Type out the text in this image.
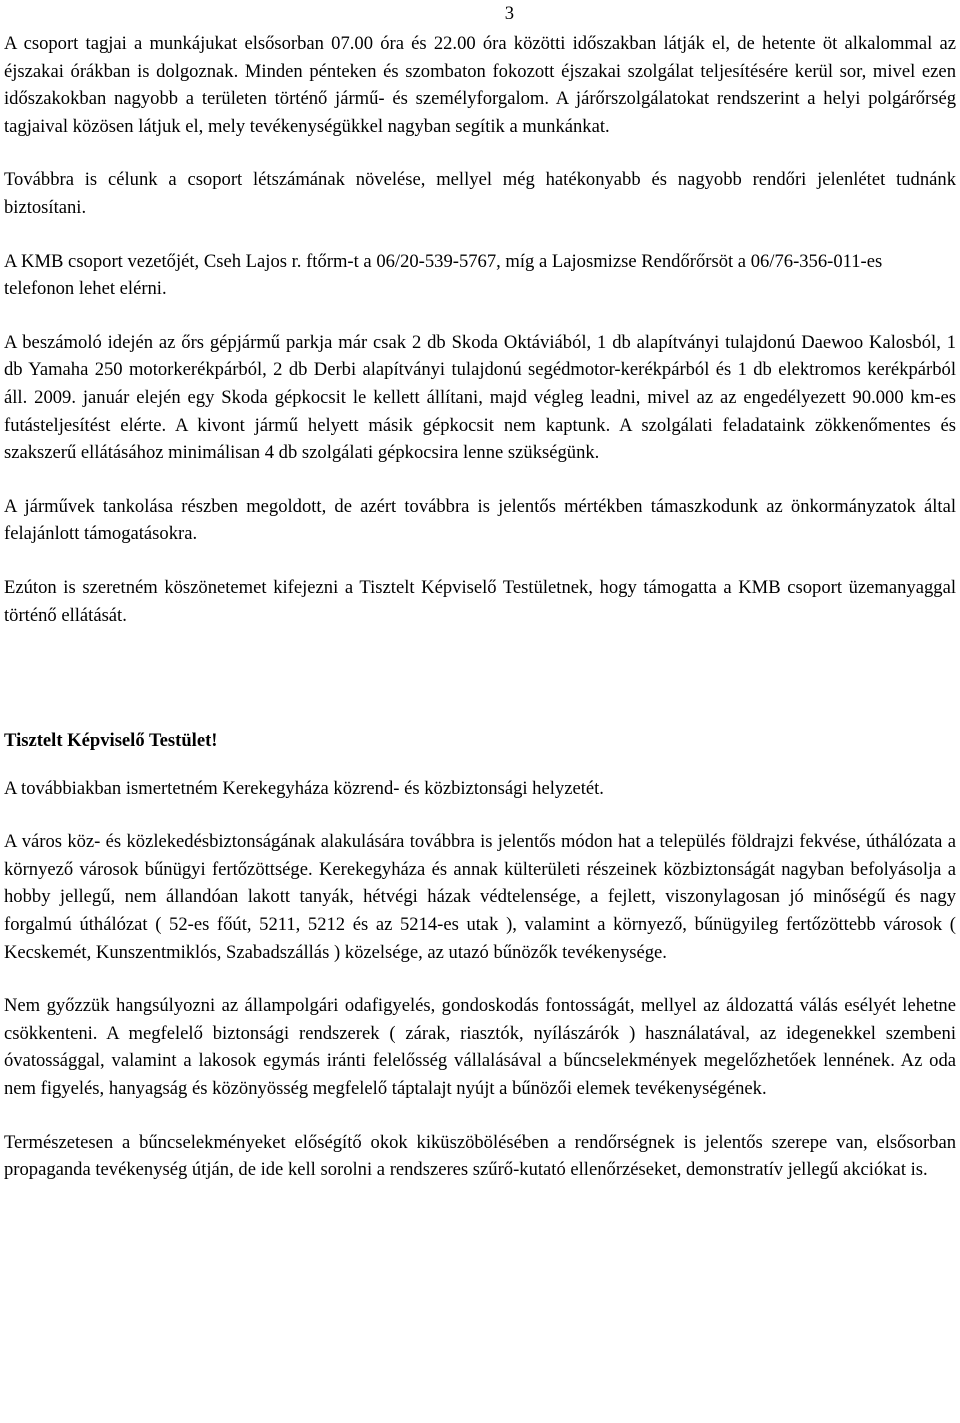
3

A csoport tagjai a munkájukat elsősorban 07.00 óra és 22.00 óra közötti időszakban látják el, de hetente öt alkalommal az éjszakai órákban is dolgoznak. Minden pénteken és szombaton fokozott éjszakai szolgálat teljesítésére kerül sor, mivel ezen időszakokban nagyobb a területen történő jármű- és személyforgalom. A járőrszolgálatokat rendszerint a helyi polgárőrség tagjaival közösen látjuk el, mely tevékenységükkel nagyban segítik a munkánkat.

Továbbra is célunk a csoport létszámának növelése, mellyel még hatékonyabb és nagyobb rendőri jelenlétet tudnánk biztosítani.

A KMB csoport vezetőjét, Cseh Lajos r. ftőrm-t a 06/20-539-5767, míg a Lajosmizse Rendőrőrsöt a 06/76-356-011-es telefonon lehet elérni.

A beszámoló idején az őrs gépjármű parkja már csak 2 db Skoda Oktáviából, 1 db alapítványi tulajdonú Daewoo Kalosból, 1 db Yamaha 250 motorkerékpárból, 2 db Derbi alapítványi tulajdonú segédmotor-kerékpárból és 1 db elektromos kerékpárból áll. 2009. január elején egy Skoda gépkocsit le kellett állítani, majd végleg leadni, mivel az az engedélyezett 90.000 km-es futásteljesítést elérte. A kivont jármű helyett másik gépkocsit nem kaptunk. A szolgálati feladataink zökkenőmentes és szakszerű ellátásához minimálisan 4 db szolgálati gépkocsira lenne szükségünk.

A járművek tankolása részben megoldott, de azért továbbra is jelentős mértékben támaszkodunk az önkormányzatok által felajánlott támogatásokra.

Ezúton is szeretném köszönetemet kifejezni a Tisztelt Képviselő Testületnek, hogy támogatta a KMB csoport üzemanyaggal történő ellátását.

Tisztelt Képviselő Testület!

A továbbiakban ismertetném Kerekegyháza közrend- és közbiztonsági helyzetét.

A város köz- és közlekedésbiztonságának alakulására továbbra is jelentős módon hat a település földrajzi fekvése, úthálózata a környező városok bűnügyi fertőzöttsége. Kerekegyháza és annak külterületi részeinek közbiztonságát nagyban befolyásolja a hobby jellegű, nem állandóan lakott tanyák, hétvégi házak védtelensége, a fejlett, viszonylagosan jó minőségű és nagy forgalmú úthálózat ( 52-es főút, 5211, 5212 és az 5214-es utak ), valamint a környező, bűnügyileg fertőzöttebb városok ( Kecskemét, Kunszentmiklós, Szabadszállás ) közelsége, az utazó bűnözők tevékenysége.

Nem győzzük hangsúlyozni az állampolgári odafigyelés, gondoskodás fontosságát, mellyel az áldozattá válás esélyét lehetne csökkenteni. A megfelelő biztonsági rendszerek ( zárak, riasztók, nyílászárók ) használatával, az idegenekkel szembeni óvatossággal, valamint a lakosok egymás iránti felelősség vállalásával a bűncselekmények megelőzhetőek lennének. Az oda nem figyelés, hanyagság és közönyösség megfelelő táptalajt nyújt a bűnözői elemek tevékenységének.

Természetesen a bűncselekményeket előségítő okok kiküszöbölésében a rendőrségnek is jelentős szerepe van, elsősorban propaganda tevékenység útján, de ide kell sorolni a rendszeres szűrő-kutató ellenőrzéseket, demonstratív jellegű akciókat is.
